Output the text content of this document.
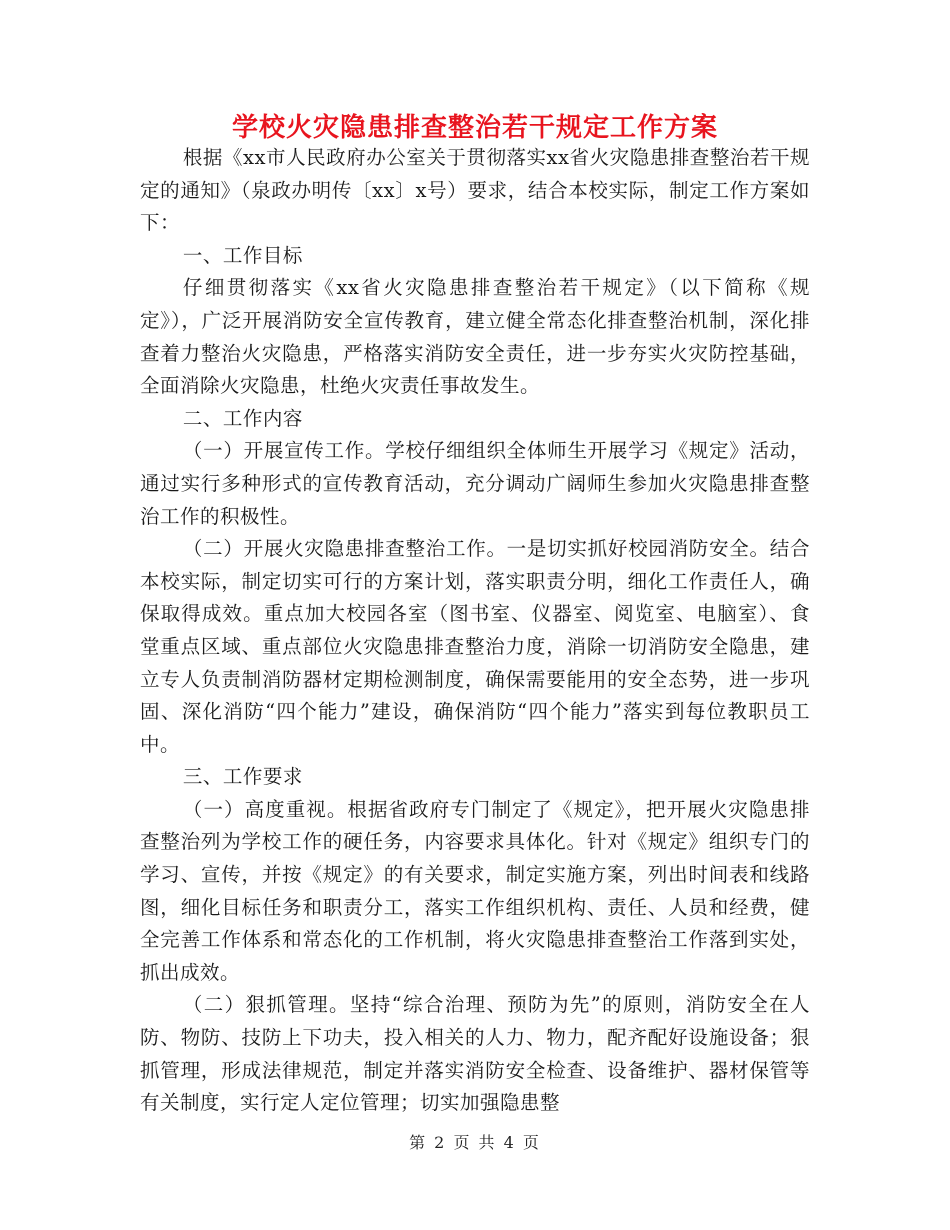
学校火灾隐患排查整治若干规定工作方案

根据《xx市人民政府办公室关于贯彻落实xx省火灾隐患排查整治若干规定的通知》（泉政办明传〔xx〕x号）要求，结合本校实际，制定工作方案如下：

一、工作目标

仔细贯彻落实《xx省火灾隐患排查整治若干规定》（以下简称《规定》），广泛开展消防安全宣传教育，建立健全常态化排查整治机制，深化排查着力整治火灾隐患，严格落实消防安全责任，进一步夯实火灾防控基础，全面消除火灾隐患，杜绝火灾责任事故发生。

二、工作内容

（一）开展宣传工作。学校仔细组织全体师生开展学习《规定》活动，通过实行多种形式的宣传教育活动，充分调动广阔师生参加火灾隐患排查整治工作的积极性。

（二）开展火灾隐患排查整治工作。一是切实抓好校园消防安全。结合本校实际，制定切实可行的方案计划，落实职责分明，细化工作责任人，确保取得成效。重点加大校园各室（图书室、仪器室、阅览室、电脑室）、食堂重点区域、重点部位火灾隐患排查整治力度，消除一切消防安全隐患，建立专人负责制消防器材定期检测制度，确保需要能用的安全态势，进一步巩固、深化消防“四个能力”建设，确保消防“四个能力”落实到每位教职员工中。

三、工作要求

（一）高度重视。根据省政府专门制定了《规定》，把开展火灾隐患排查整治列为学校工作的硬任务，内容要求具体化。针对《规定》组织专门的学习、宣传，并按《规定》的有关要求，制定实施方案，列出时间表和线路图，细化目标任务和职责分工，落实工作组织机构、责任、人员和经费，健全完善工作体系和常态化的工作机制，将火灾隐患排查整治工作落到实处，抓出成效。

（二）狠抓管理。坚持“综合治理、预防为先”的原则，消防安全在人防、物防、技防上下功夫，投入相关的人力、物力，配齐配好设施设备；狠抓管理，形成法律规范，制定并落实消防安全检查、设备维护、器材保管等有关制度，实行定人定位管理；切实加强隐患整

第 2 页 共 4 页
